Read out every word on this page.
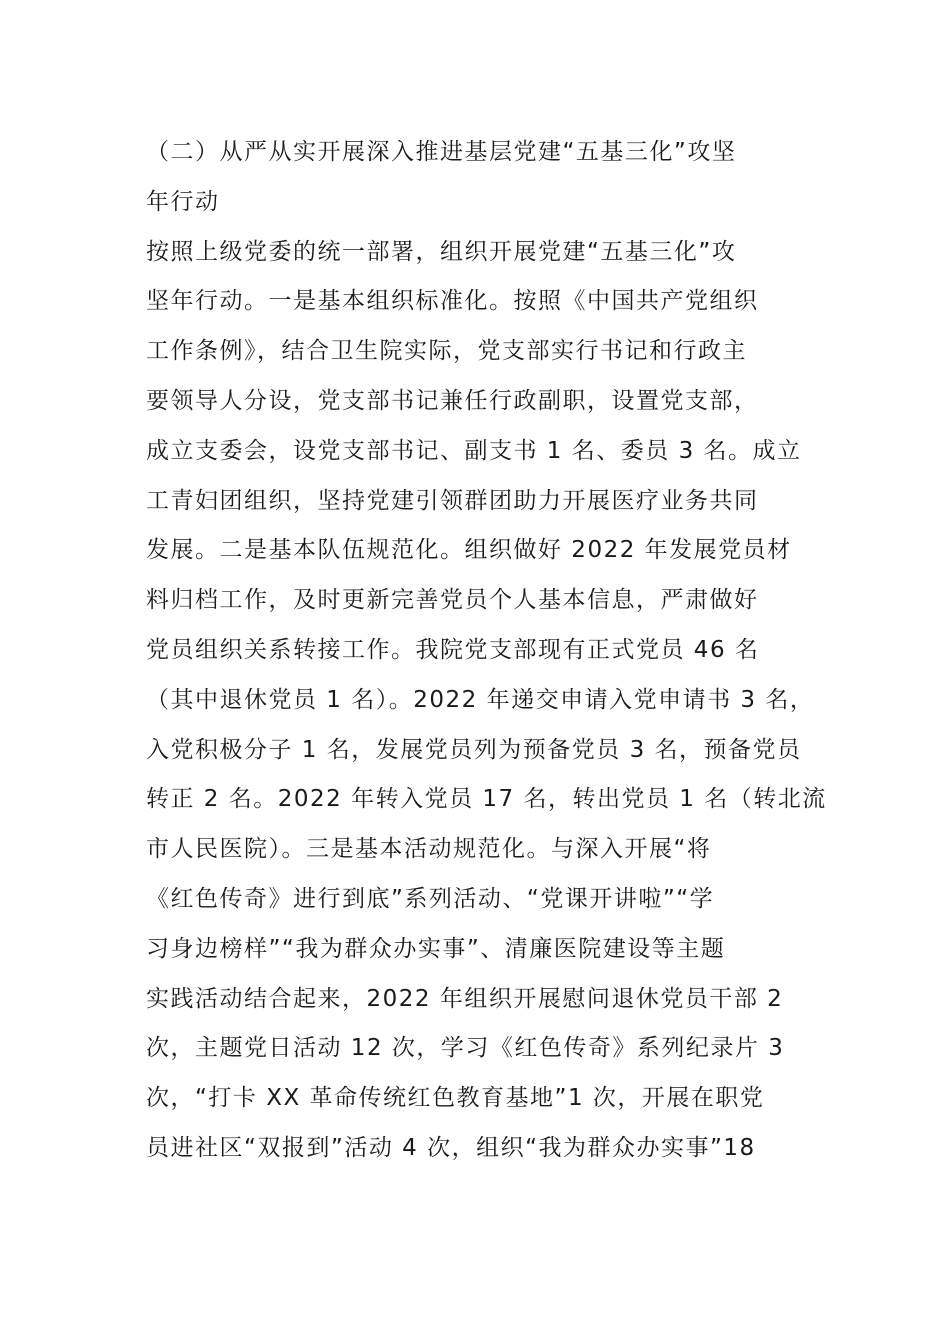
（二）从严从实开展深入推进基层党建“五基三化”攻坚
年行动
按照上级党委的统一部署，组织开展党建“五基三化”攻
坚年行动。一是基本组织标准化。按照《中国共产党组织
工作条例》，结合卫生院实际，党支部实行书记和行政主
要领导人分设，党支部书记兼任行政副职，设置党支部，
成立支委会，设党支部书记、副支书 1 名、委员 3 名。成立
工青妇团组织，坚持党建引领群团助力开展医疗业务共同
发展。二是基本队伍规范化。组织做好 2022 年发展党员材
料归档工作，及时更新完善党员个人基本信息，严肃做好
党员组织关系转接工作。我院党支部现有正式党员 46 名
（其中退休党员 1 名）。2022 年递交申请入党申请书 3 名，
入党积极分子 1 名，发展党员列为预备党员 3 名，预备党员
转正 2 名。2022 年转入党员 17 名，转出党员 1 名（转北流
市人民医院）。三是基本活动规范化。与深入开展“将
《红色传奇》进行到底”系列活动、“党课开讲啦”“学
习身边榜样”“我为群众办实事”、清廉医院建设等主题
实践活动结合起来，2022 年组织开展慰问退休党员干部 2
次，主题党日活动 12 次，学习《红色传奇》系列纪录片 3
次，“打卡 XX 革命传统红色教育基地”1 次，开展在职党
员进社区“双报到”活动 4 次，组织“我为群众办实事”18
